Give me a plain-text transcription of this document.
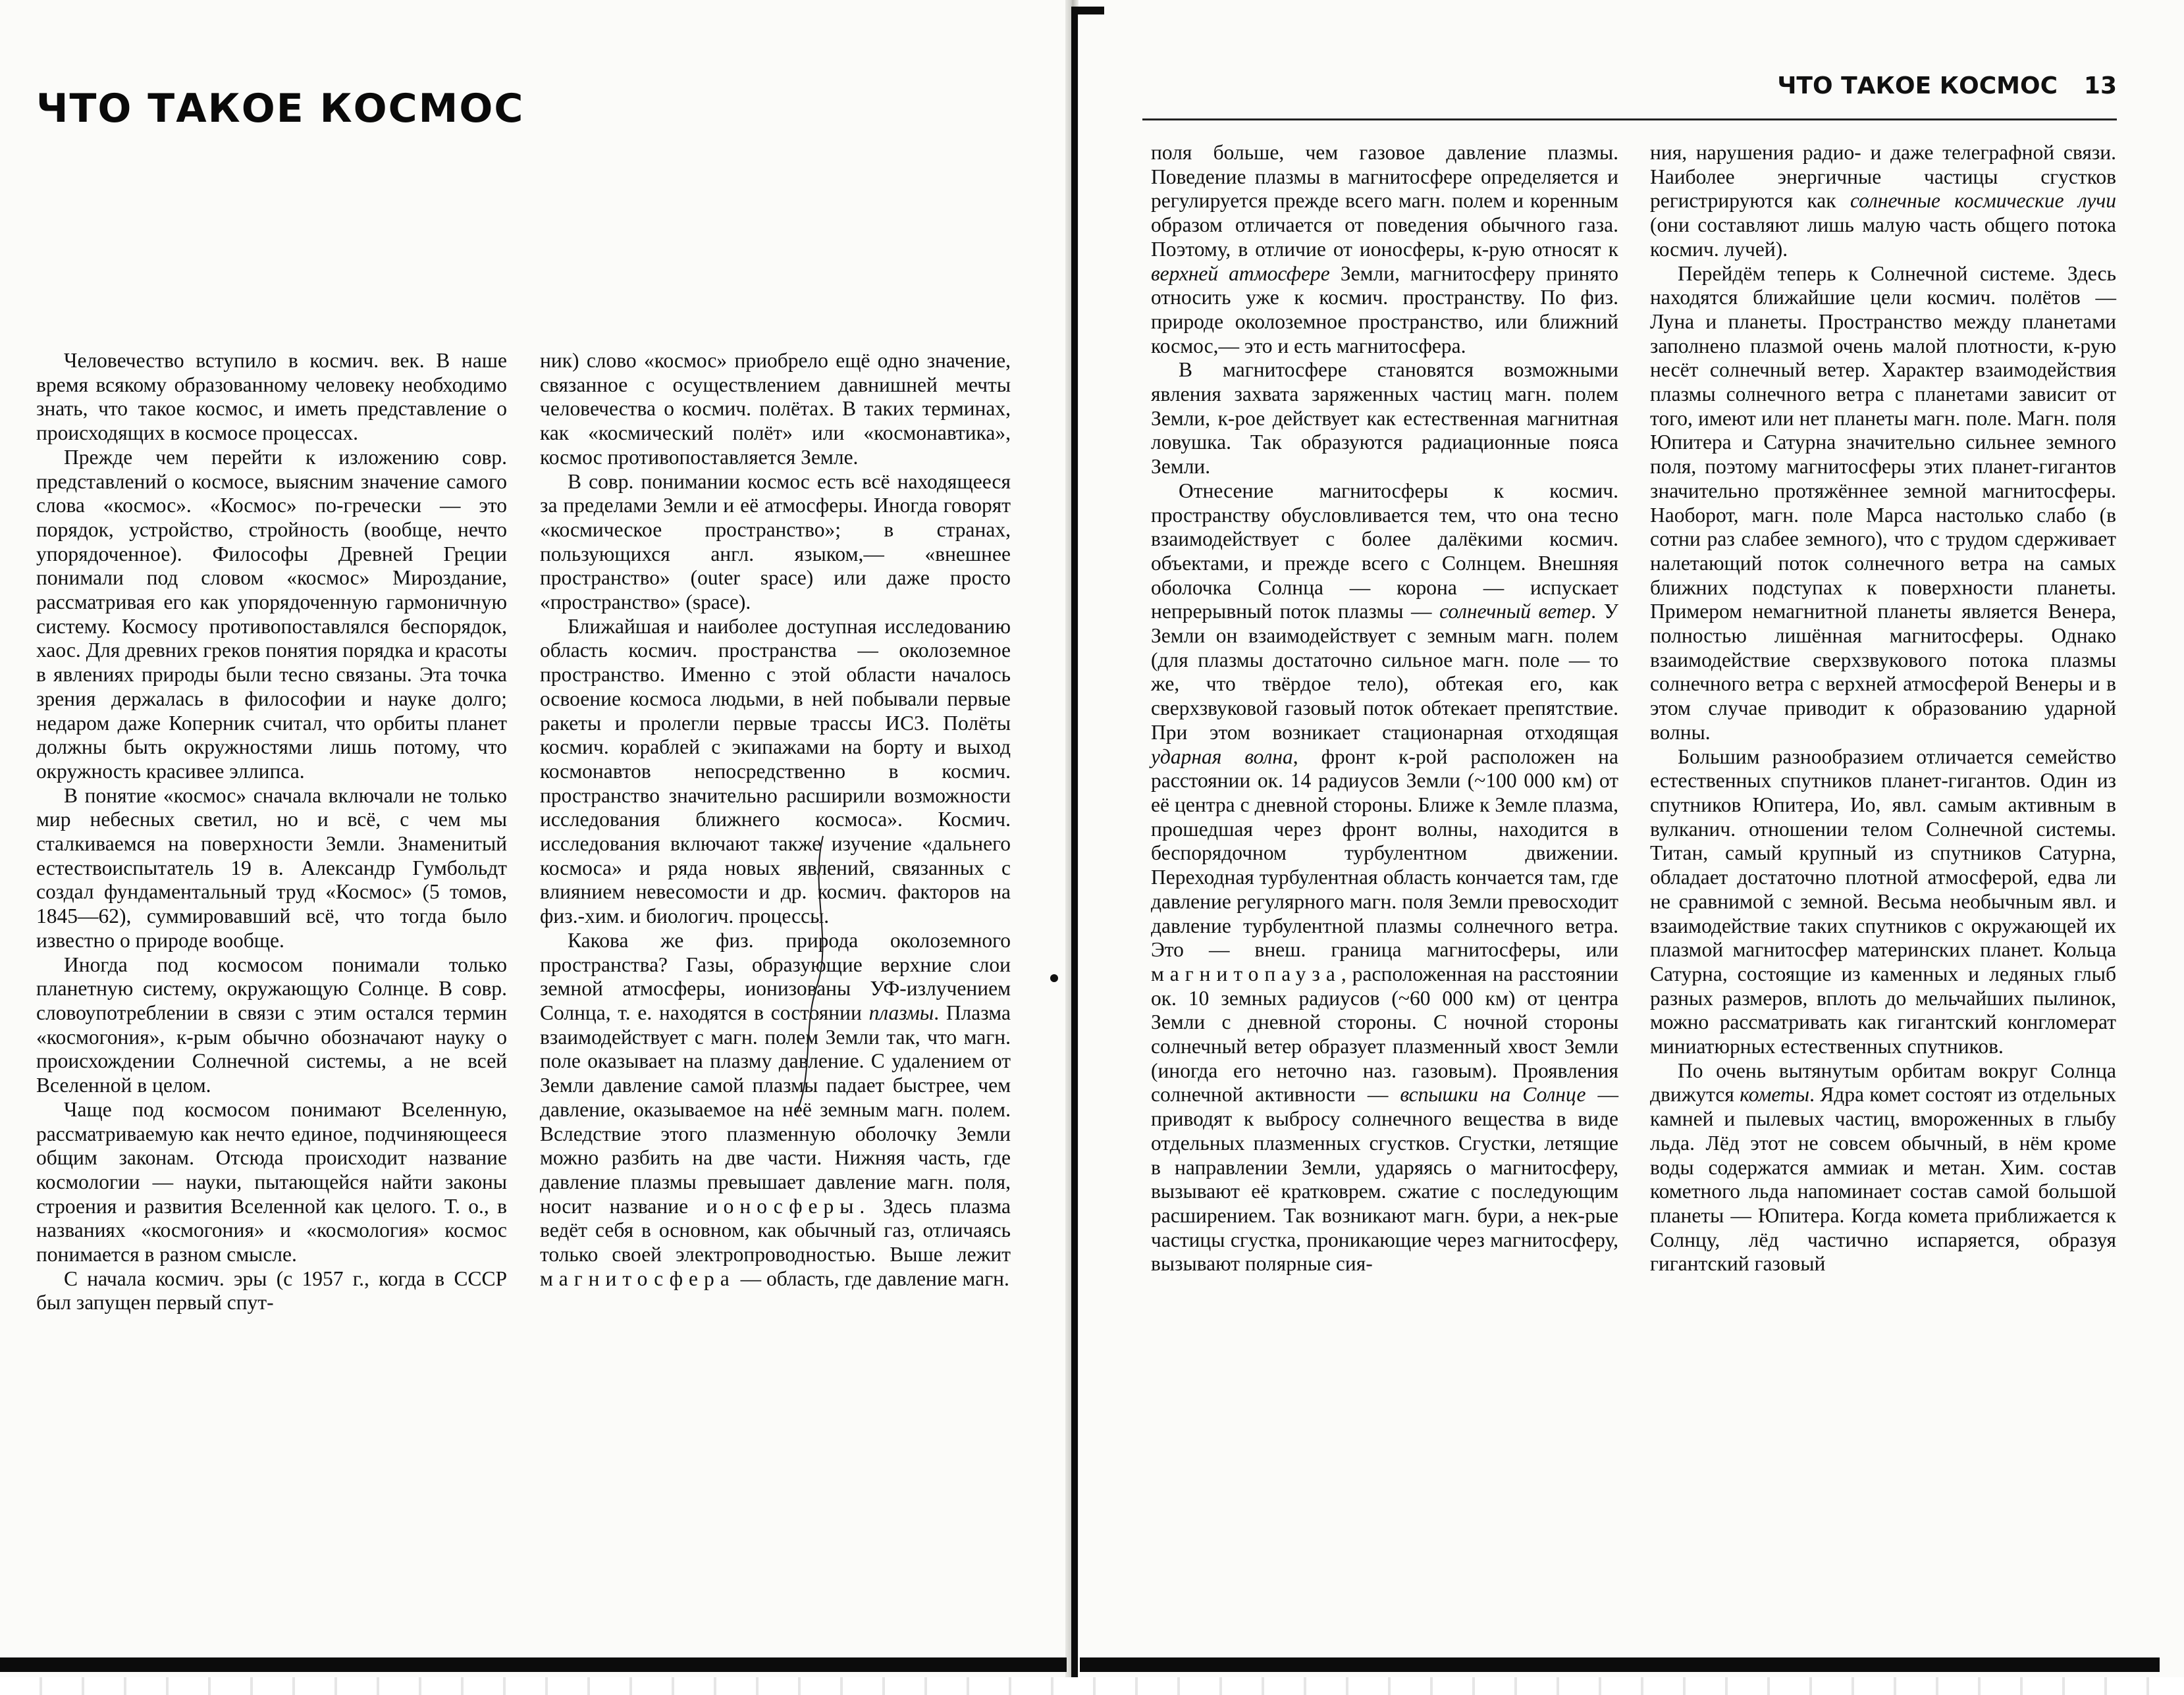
ЧТО ТАКОЕ КОСМОС	ЧТО ТАКОЕ КОСМОС 13

Человечество вступило в космич. век. В наше время всякому образованному человеку необходимо знать, что такое космос, и иметь представление о происходящих в космосе процессах.

Прежде чем перейти к изложению совр. представлений о космосе, выясним значение самого слова «космос». «Космос» по-гречески — это порядок, устройство, стройность (вообще, нечто упорядоченное). Философы Древней Греции понимали под словом «космос» Мироздание, рассматривая его как упорядоченную гармоничную систему. Космосу противопоставлялся беспорядок, хаос. Для древних греков понятия порядка и красоты в явлениях природы были тесно связаны. Эта точка зрения держалась в философии и науке долго; недаром даже Коперник считал, что орбиты планет должны быть окружностями лишь потому, что окружность красивее эллипса.

В понятие «космос» сначала включали не только мир небесных светил, но и всё, с чем мы сталкиваемся на поверхности Земли. Знаменитый естествоиспытатель 19 в. Александр Гумбольдт создал фундаментальный труд «Космос» (5 томов, 1845—62), суммировавший всё, что тогда было известно о природе вообще.

Иногда под космосом понимали только планетную систему, окружающую Солнце. В совр. словоупотреблении в связи с этим остался термин «космогония», к-рым обычно обозначают науку о происхождении Солнечной системы, а не всей Вселенной в целом.

Чаще под космосом понимают Вселенную, рассматриваемую как нечто единое, подчиняющееся общим законам. Отсюда происходит название космологии — науки, пытающейся найти законы строения и развития Вселенной как целого. Т. о., в названиях «космогония» и «космология» космос понимается в разном смысле.

С начала космич. эры (с 1957 г., когда в СССР был запущен первый спут-

ник) слово «космос» приобрело ещё одно значение, связанное с осуществлением давнишней мечты человечества о космич. полётах. В таких терминах, как «космический полёт» или «космонавтика», космос противопоставляется Земле.

В совр. понимании космос есть всё находящееся за пределами Земли и её атмосферы. Иногда говорят «космическое пространство»; в странах, пользующихся англ. языком,— «внешнее пространство» (outer space) или даже просто «пространство» (space).

Ближайшая и наиболее доступная исследованию область космич. пространства — околоземное пространство. Именно с этой области началось освоение космоса людьми, в ней побывали первые ракеты и пролегли первые трассы ИСЗ. Полёты космич. кораблей с экипажами на борту и выход космонавтов непосредственно в космич. пространство значительно расширили возможности исследования ближнего космоса». Космич. исследования включают также изучение «дальнего космоса» и ряда новых явлений, связанных с влиянием невесомости и др. космич. факторов на физ.-хим. и биологич. процессы.

Какова же физ. природа околоземного пространства? Газы, образующие верхние слои земной атмосферы, ионизованы УФ-излучением Солнца, т. е. находятся в состоянии плазмы. Плазма взаимодействует с магн. полем Земли так, что магн. поле оказывает на плазму давление. С удалением от Земли давление самой плазмы падает быстрее, чем давление, оказываемое на неё земным магн. полем. Вследствие этого плазменную оболочку Земли можно разбить на две части. Нижняя часть, где давление плазмы превышает давление магн. поля, носит название ионосферы. Здесь плазма ведёт себя в основном, как обычный газ, отличаясь только своей электропроводностью. Выше лежит магнитосфера — область, где давление магн.

поля больше, чем газовое давление плазмы. Поведение плазмы в магнитосфере определяется и регулируется прежде всего магн. полем и коренным образом отличается от поведения обычного газа. Поэтому, в отличие от ионосферы, к-рую относят к верхней атмосфере Земли, магнитосферу принято относить уже к космич. пространству. По физ. природе околоземное пространство, или ближний космос,— это и есть магнитосфера.

В магнитосфере становятся возможными явления захвата заряженных частиц магн. полем Земли, к-рое действует как естественная магнитная ловушка. Так образуются радиационные пояса Земли.

Отнесение магнитосферы к космич. пространству обусловливается тем, что она тесно взаимодействует с более далёкими космич. объектами, и прежде всего с Солнцем. Внешняя оболочка Солнца — корона — испускает непрерывный поток плазмы — солнечный ветер. У Земли он взаимодействует с земным магн. полем (для плазмы достаточно сильное магн. поле — то же, что твёрдое тело), обтекая его, как сверхзвуковой газовый поток обтекает препятствие. При этом возникает стационарная отходящая ударная волна, фронт к-рой расположен на расстоянии ок. 14 радиусов Земли (~100 000 км) от её центра с дневной стороны. Ближе к Земле плазма, прошедшая через фронт волны, находится в беспорядочном турбулентном движении. Переходная турбулентная область кончается там, где давление регулярного магн. поля Земли превосходит давление турбулентной плазмы солнечного ветра. Это — внеш. граница магнитосферы, или магнитопауза, расположенная на расстоянии ок. 10 земных радиусов (~60 000 км) от центра Земли с дневной стороны. С ночной стороны солнечный ветер образует плазменный хвост Земли (иногда его неточно наз. газовым). Проявления солнечной активности — вспышки на Солнце — приводят к выбросу солнечного вещества в виде отдельных плазменных сгустков. Сгустки, летящие в направлении Земли, ударяясь о магнитосферу, вызывают её кратковрем. сжатие с последующим расширением. Так возникают магн. бури, а нек-рые частицы сгустка, проникающие через магнитосферу, вызывают полярные сия-

ния, нарушения радио- и даже телеграфной связи. Наиболее энергичные частицы сгустков регистрируются как солнечные космические лучи (они составляют лишь малую часть общего потока космич. лучей).

Перейдём теперь к Солнечной системе. Здесь находятся ближайшие цели космич. полётов — Луна и планеты. Пространство между планетами заполнено плазмой очень малой плотности, к-рую несёт солнечный ветер. Характер взаимодействия плазмы солнечного ветра с планетами зависит от того, имеют или нет планеты магн. поле. Магн. поля Юпитера и Сатурна значительно сильнее земного поля, поэтому магнитосферы этих планет-гигантов значительно протяжённее земной магнитосферы. Наоборот, магн. поле Марса настолько слабо (в сотни раз слабее земного), что с трудом сдерживает налетающий поток солнечного ветра на самых ближних подступах к поверхности планеты. Примером немагнитной планеты является Венера, полностью лишённая магнитосферы. Однако взаимодействие сверхзвукового потока плазмы солнечного ветра с верхней атмосферой Венеры и в этом случае приводит к образованию ударной волны.

Большим разнообразием отличается семейство естественных спутников планет-гигантов. Один из спутников Юпитера, Ио, явл. самым активным в вулканич. отношении телом Солнечной системы. Титан, самый крупный из спутников Сатурна, обладает достаточно плотной атмосферой, едва ли не сравнимой с земной. Весьма необычным явл. и взаимодействие таких спутников с окружающей их плазмой магнитосфер материнских планет. Кольца Сатурна, состоящие из каменных и ледяных глыб разных размеров, вплоть до мельчайших пылинок, можно рассматривать как гигантский конгломерат миниатюрных естественных спутников.

По очень вытянутым орбитам вокруг Солнца движутся кометы. Ядра комет состоят из отдельных камней и пылевых частиц, вмороженных в глыбу льда. Лёд этот не совсем обычный, в нём кроме воды содержатся аммиак и метан. Хим. состав кометного льда напоминает состав самой большой планеты — Юпитера. Когда комета приближается к Солнцу, лёд частично испаряется, образуя гигантский газовый
